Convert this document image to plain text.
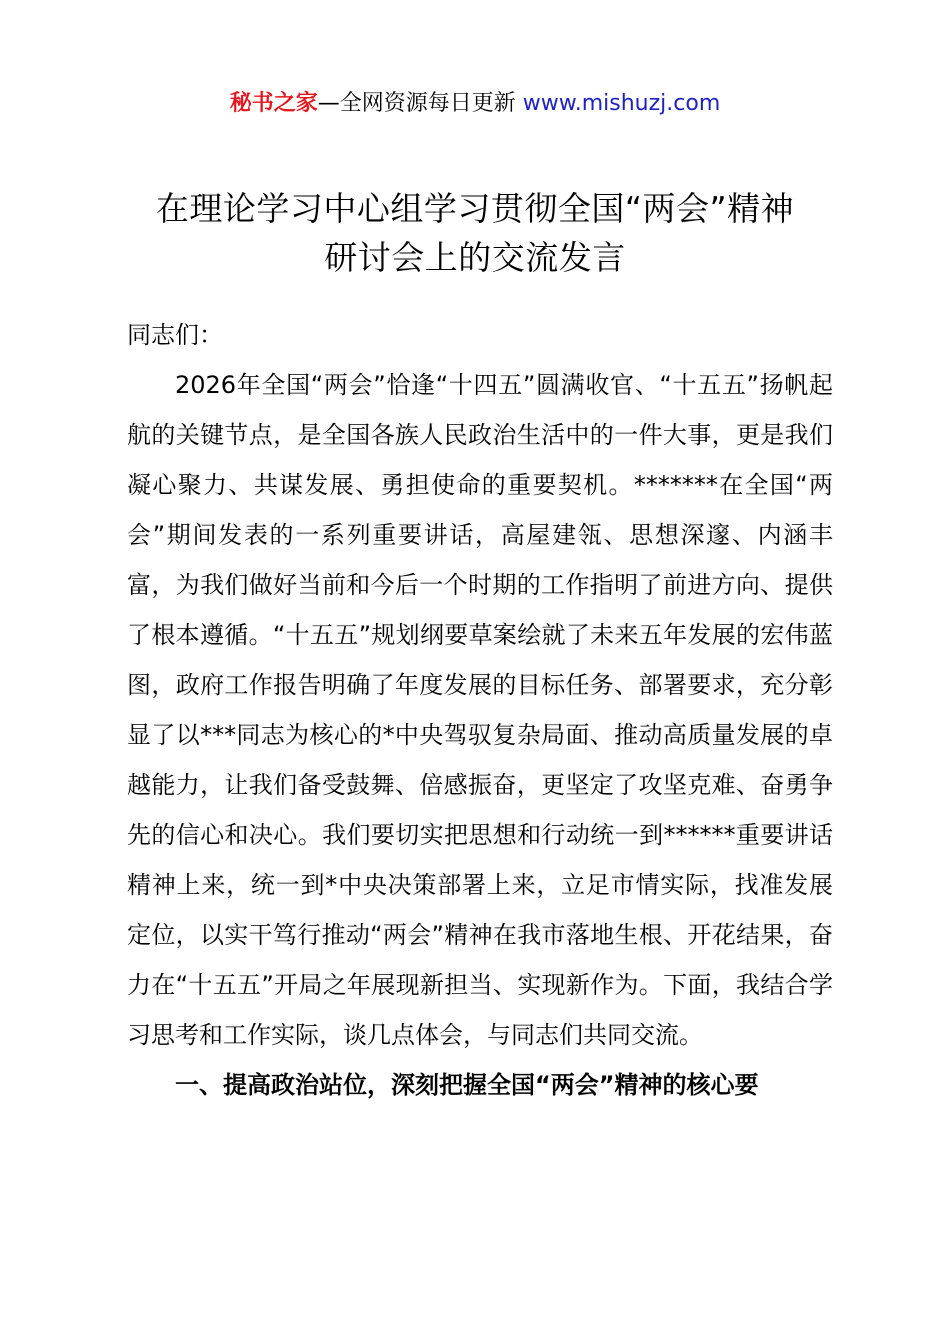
秘书之家—全网资源每日更新 www.mishuzj.com
在理论学习中心组学习贯彻全国“两会”精神
研讨会上的交流发言

同志们：

2026年全国“两会”恰逢“十四五”圆满收官、“十五五”扬帆起航的关键节点，是全国各族人民政治生活中的一件大事，更是我们凝心聚力、共谋发展、勇担使命的重要契机。*******在全国“两会”期间发表的一系列重要讲话，高屋建瓴、思想深邃、内涵丰富，为我们做好当前和今后一个时期的工作指明了前进方向、提供了根本遵循。“十五五”规划纲要草案绘就了未来五年发展的宏伟蓝图，政府工作报告明确了年度发展的目标任务、部署要求，充分彰显了以***同志为核心的*中央驾驭复杂局面、推动高质量发展的卓越能力，让我们备受鼓舞、倍感振奋，更坚定了攻坚克难、奋勇争先的信心和决心。我们要切实把思想和行动统一到******重要讲话精神上来，统一到*中央决策部署上来，立足市情实际，找准发展定位，以实干笃行推动“两会”精神在我市落地生根、开花结果，奋力在“十五五”开局之年展现新担当、实现新作为。下面，我结合学习思考和工作实际，谈几点体会，与同志们共同交流。

一、提高政治站位，深刻把握全国“两会”精神的核心要
